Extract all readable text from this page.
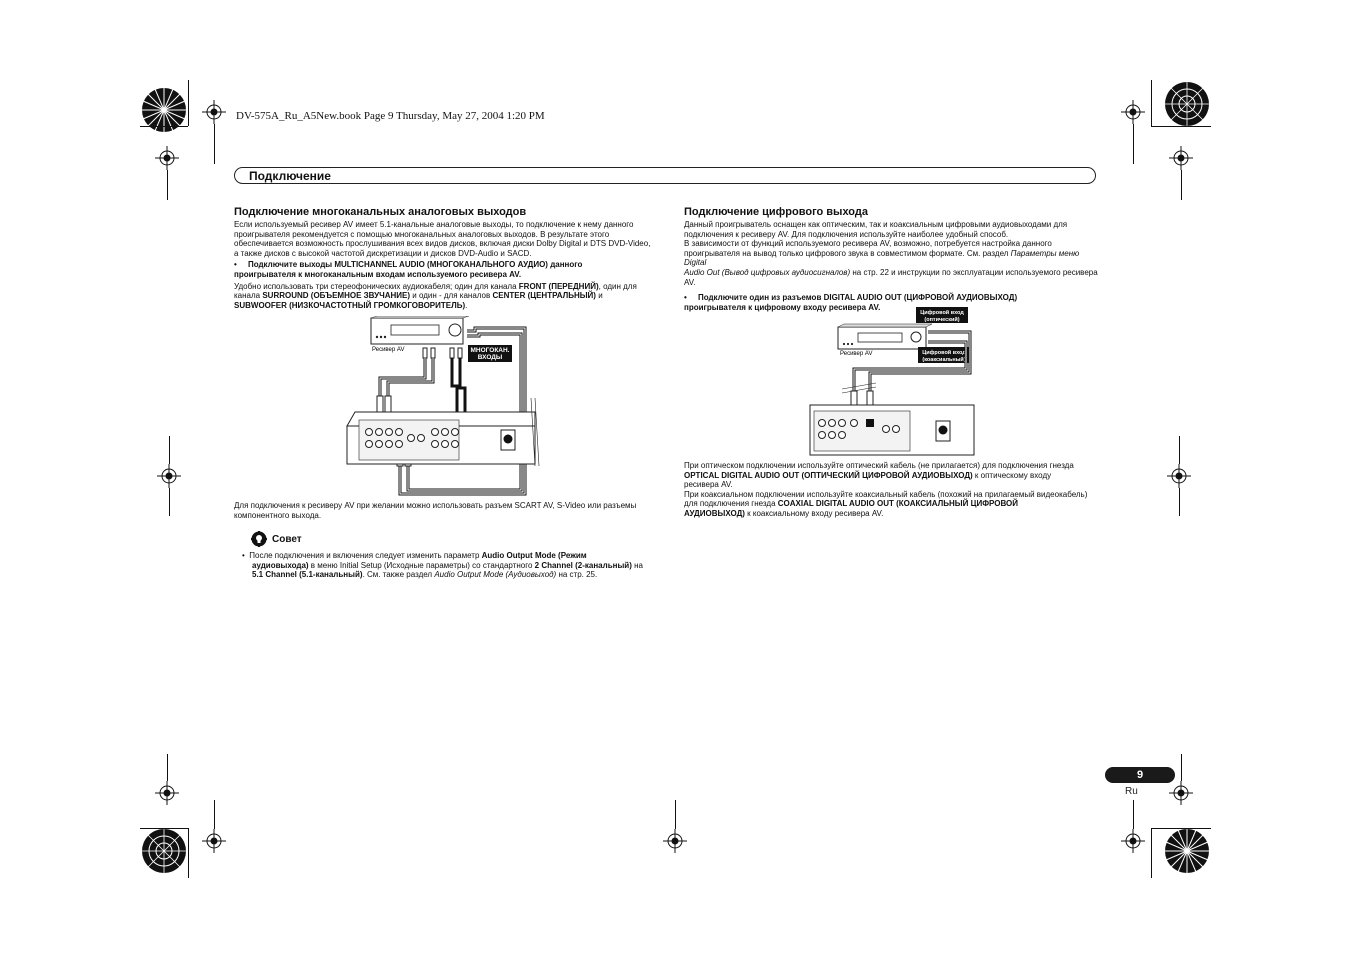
DV-575A_Ru_A5New.book Page 9 Thursday, May 27, 2004 1:20 PM
Подключение
Подключение многоканальных аналоговых выходов

Если используемый ресивер AV имеет 5.1-канальные аналоговые выходы, то подключение к нему данного

проигрывателя рекомендуется с помощью многоканальных аналоговых выходов. В результате этого

обеспечивается возможность прослушивания всех видов дисков, включая диски Dolby Digital и DTS DVD-Video,

а также дисков с высокой частотой дискретизации и дисков DVD-Audio и SACD.

• Подключите выходы MULTICHANNEL AUDIO (МНОГОКАНАЛЬНОГО АУДИО) данного

проигрывателя к многоканальным входам используемого ресивера AV.

Удобно использовать три стереофонических аудиокабеля; один для канала FRONT (ПЕРЕДНИЙ), один для

канала SURROUND (ОБЪЕМНОЕ ЗВУЧАНИЕ) и один - для каналов CENTER (ЦЕНТРАЛЬНЫЙ) и

SUBWOOFER (НИЗКОЧАСТОТНЫЙ ГРОМКОГОВОРИТЕЛЬ).

Ресивер AV	МНОГОКАН.
ВХОДЫ

Для подключения к ресиверу AV при желании можно использовать разъем SCART AV, S-Video или разъемы

компонентного выхода.

Совет

• После подключения и включения следует изменить параметр Audio Output Mode (Режим

аудиовыхода) в меню Initial Setup (Исходные параметры) со стандартного 2 Channel (2-канальный) на

5.1 Channel (5.1-канальный). См. также раздел Audio Output Mode (Аудиовыход) на стр. 25.

Подключение цифрового выхода

Данный проигрыватель оснащен как оптическим, так и коаксиальным цифровыми аудиовыходами для

подключения к ресиверу AV. Для подключения используйте наиболее удобный способ.

В зависимости от функций используемого ресивера AV, возможно, потребуется настройка данного

проигрывателя на вывод только цифрового звука в совместимом формате. См. раздел Параметры меню Digital

Audio Out (Вывод цифровых аудиосигналов) на стр. 22 и инструкции по эксплуатации используемого ресивера

AV.

• Подключите один из разъемов DIGITAL AUDIO OUT (ЦИФРОВОЙ АУДИОВЫХОД)

проигрывателя к цифровому входу ресивера AV.

Ресивер AV
Цифровой вход
(оптический)
Цифровой вход
(коаксиальный)

При оптическом подключении используйте оптический кабель (не прилагается) для подключения гнезда

OPTICAL DIGITAL AUDIO OUT (ОПТИЧЕСКИЙ ЦИФРОВОЙ АУДИОВЫХОД) к оптическому входу

ресивера AV.

При коаксиальном подключении используйте коаксиальный кабель (похожий на прилагаемый видеокабель)

для подключения гнезда COAXIAL DIGITAL AUDIO OUT (КОАКСИАЛЬНЫЙ ЦИФРОВОЙ

АУДИОВЫХОД) к коаксиальному входу ресивера AV.

9
Ru
